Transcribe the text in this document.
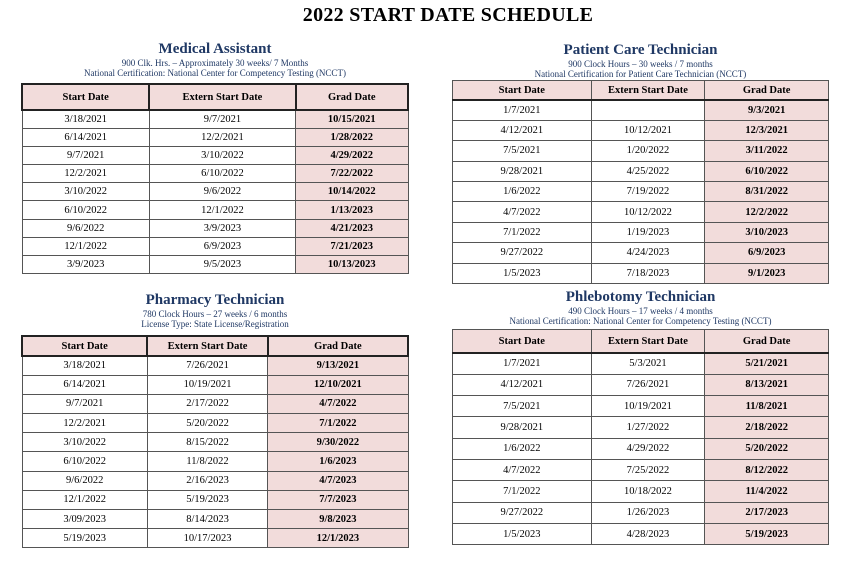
2022 START DATE SCHEDULE
Medical Assistant
900 Clk. Hrs. – Approximately 30 weeks/ 7 Months
National Certification: National Center for Competency Testing (NCCT)
Start Date	Extern Start Date	Grad Date
3/18/2021	9/7/2021	10/15/2021
6/14/2021	12/2/2021	1/28/2022
9/7/2021	3/10/2022	4/29/2022
12/2/2021	6/10/2022	7/22/2022
3/10/2022	9/6/2022	10/14/2022
6/10/2022	12/1/2022	1/13/2023
9/6/2022	3/9/2023	4/21/2023
12/1/2022	6/9/2023	7/21/2023
3/9/2023	9/5/2023	10/13/2023
Patient Care Technician
900 Clock Hours – 30 weeks / 7 months
National Certification for Patient Care Technician (NCCT)
Start Date	Extern Start Date	Grad Date
1/7/2021		9/3/2021
4/12/2021	10/12/2021	12/3/2021
7/5/2021	1/20/2022	3/11/2022
9/28/2021	4/25/2022	6/10/2022
1/6/2022	7/19/2022	8/31/2022
4/7/2022	10/12/2022	12/2/2022
7/1/2022	1/19/2023	3/10/2023
9/27/2022	4/24/2023	6/9/2023
1/5/2023	7/18/2023	9/1/2023
Pharmacy Technician
780 Clock Hours – 27 weeks / 6 months
License Type: State License/Registration
Start Date	Extern Start Date	Grad Date
3/18/2021	7/26/2021	9/13/2021
6/14/2021	10/19/2021	12/10/2021
9/7/2021	2/17/2022	4/7/2022
12/2/2021	5/20/2022	7/1/2022
3/10/2022	8/15/2022	9/30/2022
6/10/2022	11/8/2022	1/6/2023
9/6/2022	2/16/2023	4/7/2023
12/1/2022	5/19/2023	7/7/2023
3/09/2023	8/14/2023	9/8/2023
5/19/2023	10/17/2023	12/1/2023
Phlebotomy Technician
490 Clock Hours – 17 weeks / 4 months
National Certification: National Center for Competency Testing (NCCT)
Start Date	Extern Start Date	Grad Date
1/7/2021	5/3/2021	5/21/2021
4/12/2021	7/26/2021	8/13/2021
7/5/2021	10/19/2021	11/8/2021
9/28/2021	1/27/2022	2/18/2022
1/6/2022	4/29/2022	5/20/2022
4/7/2022	7/25/2022	8/12/2022
7/1/2022	10/18/2022	11/4/2022
9/27/2022	1/26/2023	2/17/2023
1/5/2023	4/28/2023	5/19/2023
